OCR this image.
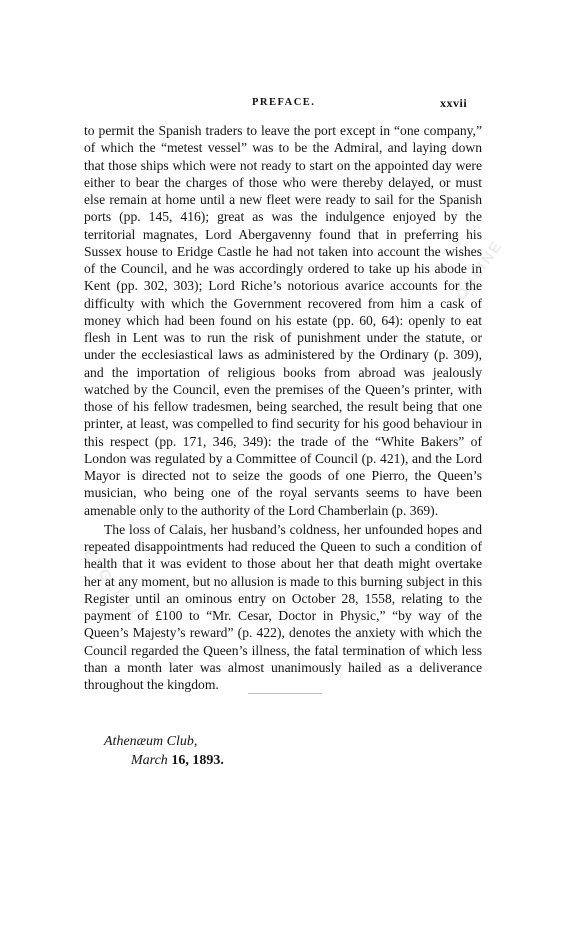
ONLINE
ENGLISH
PREFACE.	xxvii

to permit the Spanish traders to leave the port except in “one company,” of which the “metest vessel” was to be the Admiral, and laying down that those ships which were not ready to start on the appointed day were either to bear the charges of those who were thereby delayed, or must else remain at home until a new fleet were ready to sail for the Spanish ports (pp. 145, 416); great as was the indulgence enjoyed by the territorial magnates, Lord Abergavenny found that in preferring his Sussex house to Eridge Castle he had not taken into account the wishes of the Council, and he was accordingly ordered to take up his abode in Kent (pp. 302, 303); Lord Riche’s notorious avarice accounts for the difficulty with which the Government recovered from him a cask of money which had been found on his estate (pp. 60, 64): openly to eat flesh in Lent was to run the risk of punishment under the statute, or under the ecclesiastical laws as administered by the Ordinary (p. 309), and the importation of religious books from abroad was jealously watched by the Council, even the premises of the Queen’s printer, with those of his fellow tradesmen, being searched, the result being that one printer, at least, was compelled to find security for his good behaviour in this respect (pp. 171, 346, 349): the trade of the “White Bakers” of London was regulated by a Committee of Council (p. 421), and the Lord Mayor is directed not to seize the goods of one Pierro, the Queen’s musician, who being one of the royal servants seems to have been amenable only to the authority of the Lord Chamberlain (p. 369).

The loss of Calais, her husband’s coldness, her unfounded hopes and repeated disappointments had reduced the Queen to such a condition of health that it was evident to those about her that death might overtake her at any moment, but no allusion is made to this burning subject in this Register until an ominous entry on October 28, 1558, relating to the payment of £100 to “Mr. Cesar, Doctor in Physic,” “by way of the Queen’s Majesty’s reward” (p. 422), denotes the anxiety with which the Council regarded the Queen’s illness, the fatal termination of which less than a month later was almost unanimously hailed as a deliverance throughout the kingdom.

Athenæum Club,
March 16, 1893.
